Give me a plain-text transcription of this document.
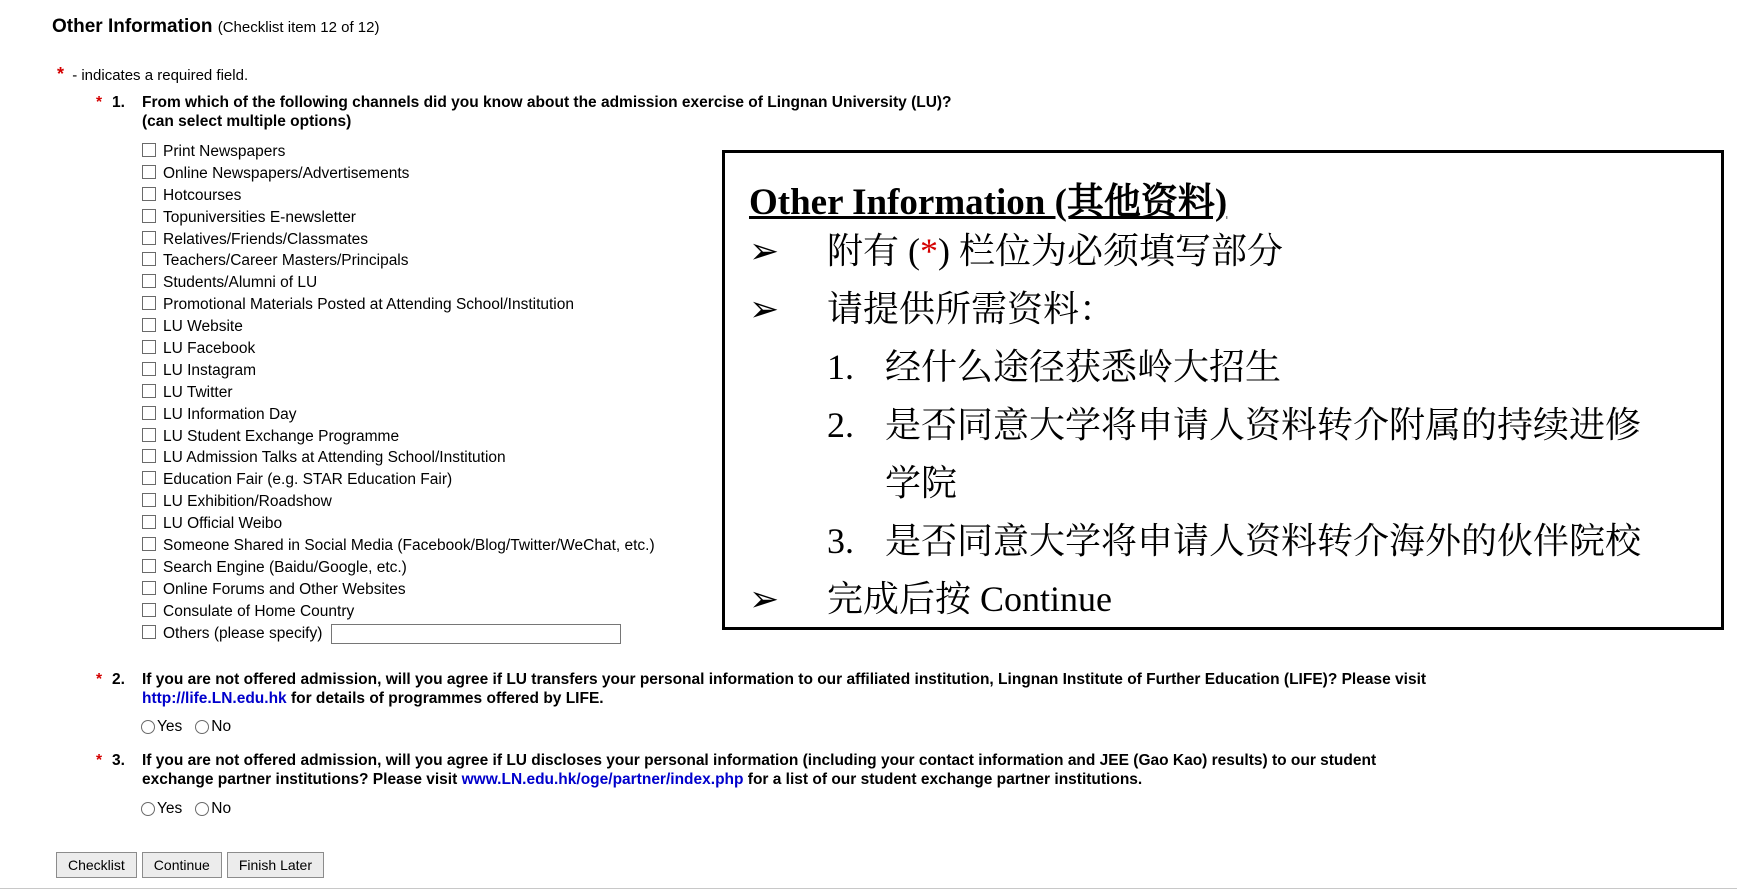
Other Information (Checklist item 12 of 12)
* - indicates a required field.
* 1. From which of the following channels did you know about the admission exercise of Lingnan University (LU)?
(can select multiple options)
Print Newspapers
Online Newspapers/Advertisements
Hotcourses
Topuniversities E-newsletter
Relatives/Friends/Classmates
Teachers/Career Masters/Principals
Students/Alumni of LU
Promotional Materials Posted at Attending School/Institution
LU Website
LU Facebook
LU Instagram
LU Twitter
LU Information Day
LU Student Exchange Programme
LU Admission Talks at Attending School/Institution
Education Fair (e.g. STAR Education Fair)
LU Exhibition/Roadshow
LU Official Weibo
Someone Shared in Social Media (Facebook/Blog/Twitter/WeChat, etc.)
Search Engine (Baidu/Google, etc.)
Online Forums and Other Websites
Consulate of Home Country
Others (please specify)
* 2. If you are not offered admission, will you agree if LU transfers your personal information to our affiliated institution, Lingnan Institute of Further Education (LIFE)? Please visit
http://life.LN.edu.hk for details of programmes offered by LIFE.
Yes No
* 3. If you are not offered admission, will you agree if LU discloses your personal information (including your contact information and JEE (Gao Kao) results) to our student
exchange partner institutions? Please visit www.LN.edu.hk/oge/partner/index.php for a list of our student exchange partner institutions.
Yes No
Checklist	Continue	Finish Later
Other Information (其他资料)
➢ 附有 (*) 栏位为必须填写部分
➢ 请提供所需资料：
1. 经什么途径获悉岭大招生
2. 是否同意大学将申请人资料转介附属的持续进修
学院
3. 是否同意大学将申请人资料转介海外的伙伴院校
➢ 完成后按 Continue
